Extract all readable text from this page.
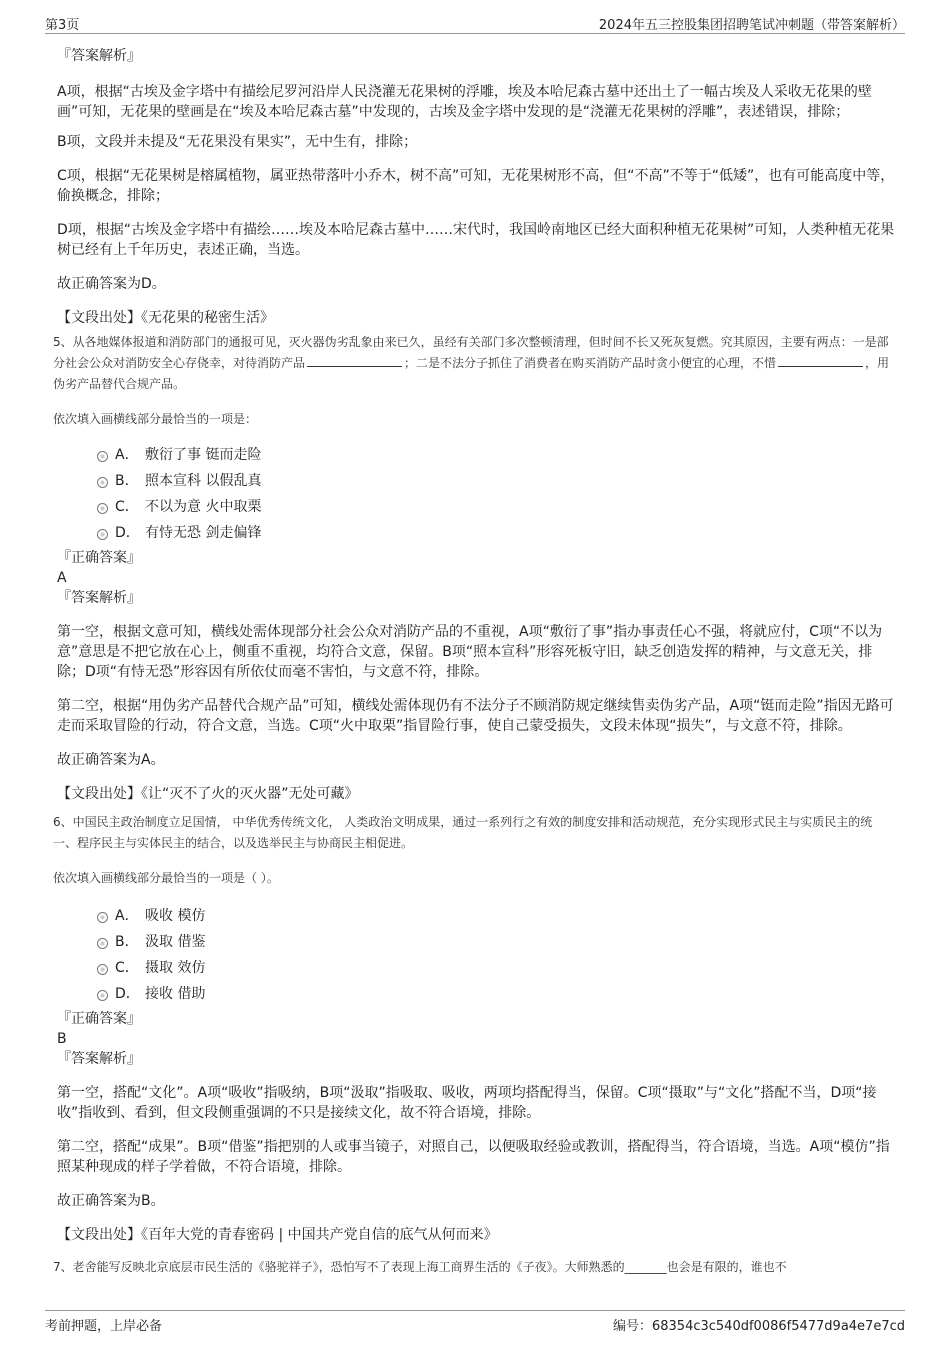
第3页	2024年五三控股集团招聘笔试冲刺题（带答案解析）
『答案解析』
A项，根据“古埃及金字塔中有描绘尼罗河沿岸人民浇灌无花果树的浮雕，埃及本哈尼森古墓中还出土了一幅古埃及人采收无花果的壁画”可知，无花果的壁画是在“埃及本哈尼森古墓”中发现的，古埃及金字塔中发现的是“浇灌无花果树的浮雕”，表述错误，排除；
B项，文段并未提及“无花果没有果实”，无中生有，排除；
C项，根据“无花果树是榕属植物，属亚热带落叶小乔木，树不高”可知，无花果树形不高，但“不高”不等于“低矮”，也有可能高度中等，偷换概念，排除；
D项，根据“古埃及金字塔中有描绘……埃及本哈尼森古墓中……宋代时，我国岭南地区已经大面积种植无花果树”可知，人类种植无花果树已经有上千年历史，表述正确，当选。
故正确答案为D。
【文段出处】《无花果的秘密生活》
5、从各地媒体报道和消防部门的通报可见，灭火器伪劣乱象由来已久，虽经有关部门多次整顿清理，但时间不长又死灰复燃。究其原因，主要有两点：一是部分社会公众对消防安全心存侥幸，对待消防产品	；二是不法分子抓住了消费者在购买消防产品时贪小便宜的心理，不惜	，用伪劣产品替代合规产品。
依次填入画横线部分最恰当的一项是：
A． 敷衍了事 铤而走险
B． 照本宣科 以假乱真
C． 不以为意 火中取栗
D． 有恃无恐 剑走偏锋
『正确答案』
A
『答案解析』
第一空，根据文意可知，横线处需体现部分社会公众对消防产品的不重视，A项“敷衍了事”指办事责任心不强，将就应付，C项“不以为意”意思是不把它放在心上，侧重不重视，均符合文意，保留。B项“照本宣科”形容死板守旧，缺乏创造发挥的精神，与文意无关，排除；D项“有恃无恐”形容因有所依仗而毫不害怕，与文意不符，排除。
第二空，根据“用伪劣产品替代合规产品”可知，横线处需体现仍有不法分子不顾消防规定继续售卖伪劣产品，A项“铤而走险”指因无路可走而采取冒险的行动，符合文意，当选。C项“火中取栗”指冒险行事，使自己蒙受损失，文段未体现“损失”，与文意不符，排除。
故正确答案为A。
【文段出处】《让“灭不了火的灭火器”无处可藏》
6、中国民主政治制度立足国情， 中华优秀传统文化， 人类政治文明成果，通过一系列行之有效的制度安排和活动规范，充分实现形式民主与实质民主的统一、程序民主与实体民主的结合，以及选举民主与协商民主相促进。
依次填入画横线部分最恰当的一项是（ ）。
A． 吸收 模仿
B． 汲取 借鉴
C． 摄取 效仿
D． 接收 借助
『正确答案』
B
『答案解析』
第一空，搭配“文化”。A项“吸收”指吸纳，B项“汲取”指吸取、吸收，两项均搭配得当，保留。C项“摄取”与“文化”搭配不当，D项“接收”指收到、看到，但文段侧重强调的不只是接续文化，故不符合语境，排除。
第二空，搭配“成果”。B项“借鉴”指把别的人或事当镜子，对照自己，以便吸取经验或教训，搭配得当，符合语境，当选。A项“模仿”指照某种现成的样子学着做，不符合语境，排除。
故正确答案为B。
【文段出处】《百年大党的青春密码 | 中国共产党自信的底气从何而来》
7、老舍能写反映北京底层市民生活的《骆驼祥子》，恐怕写不了表现上海工商界生活的《子夜》。大师熟悉的_______也会是有限的，谁也不
考前押题，上岸必备	编号：68354c3c540df0086f5477d9a4e7e7cd
